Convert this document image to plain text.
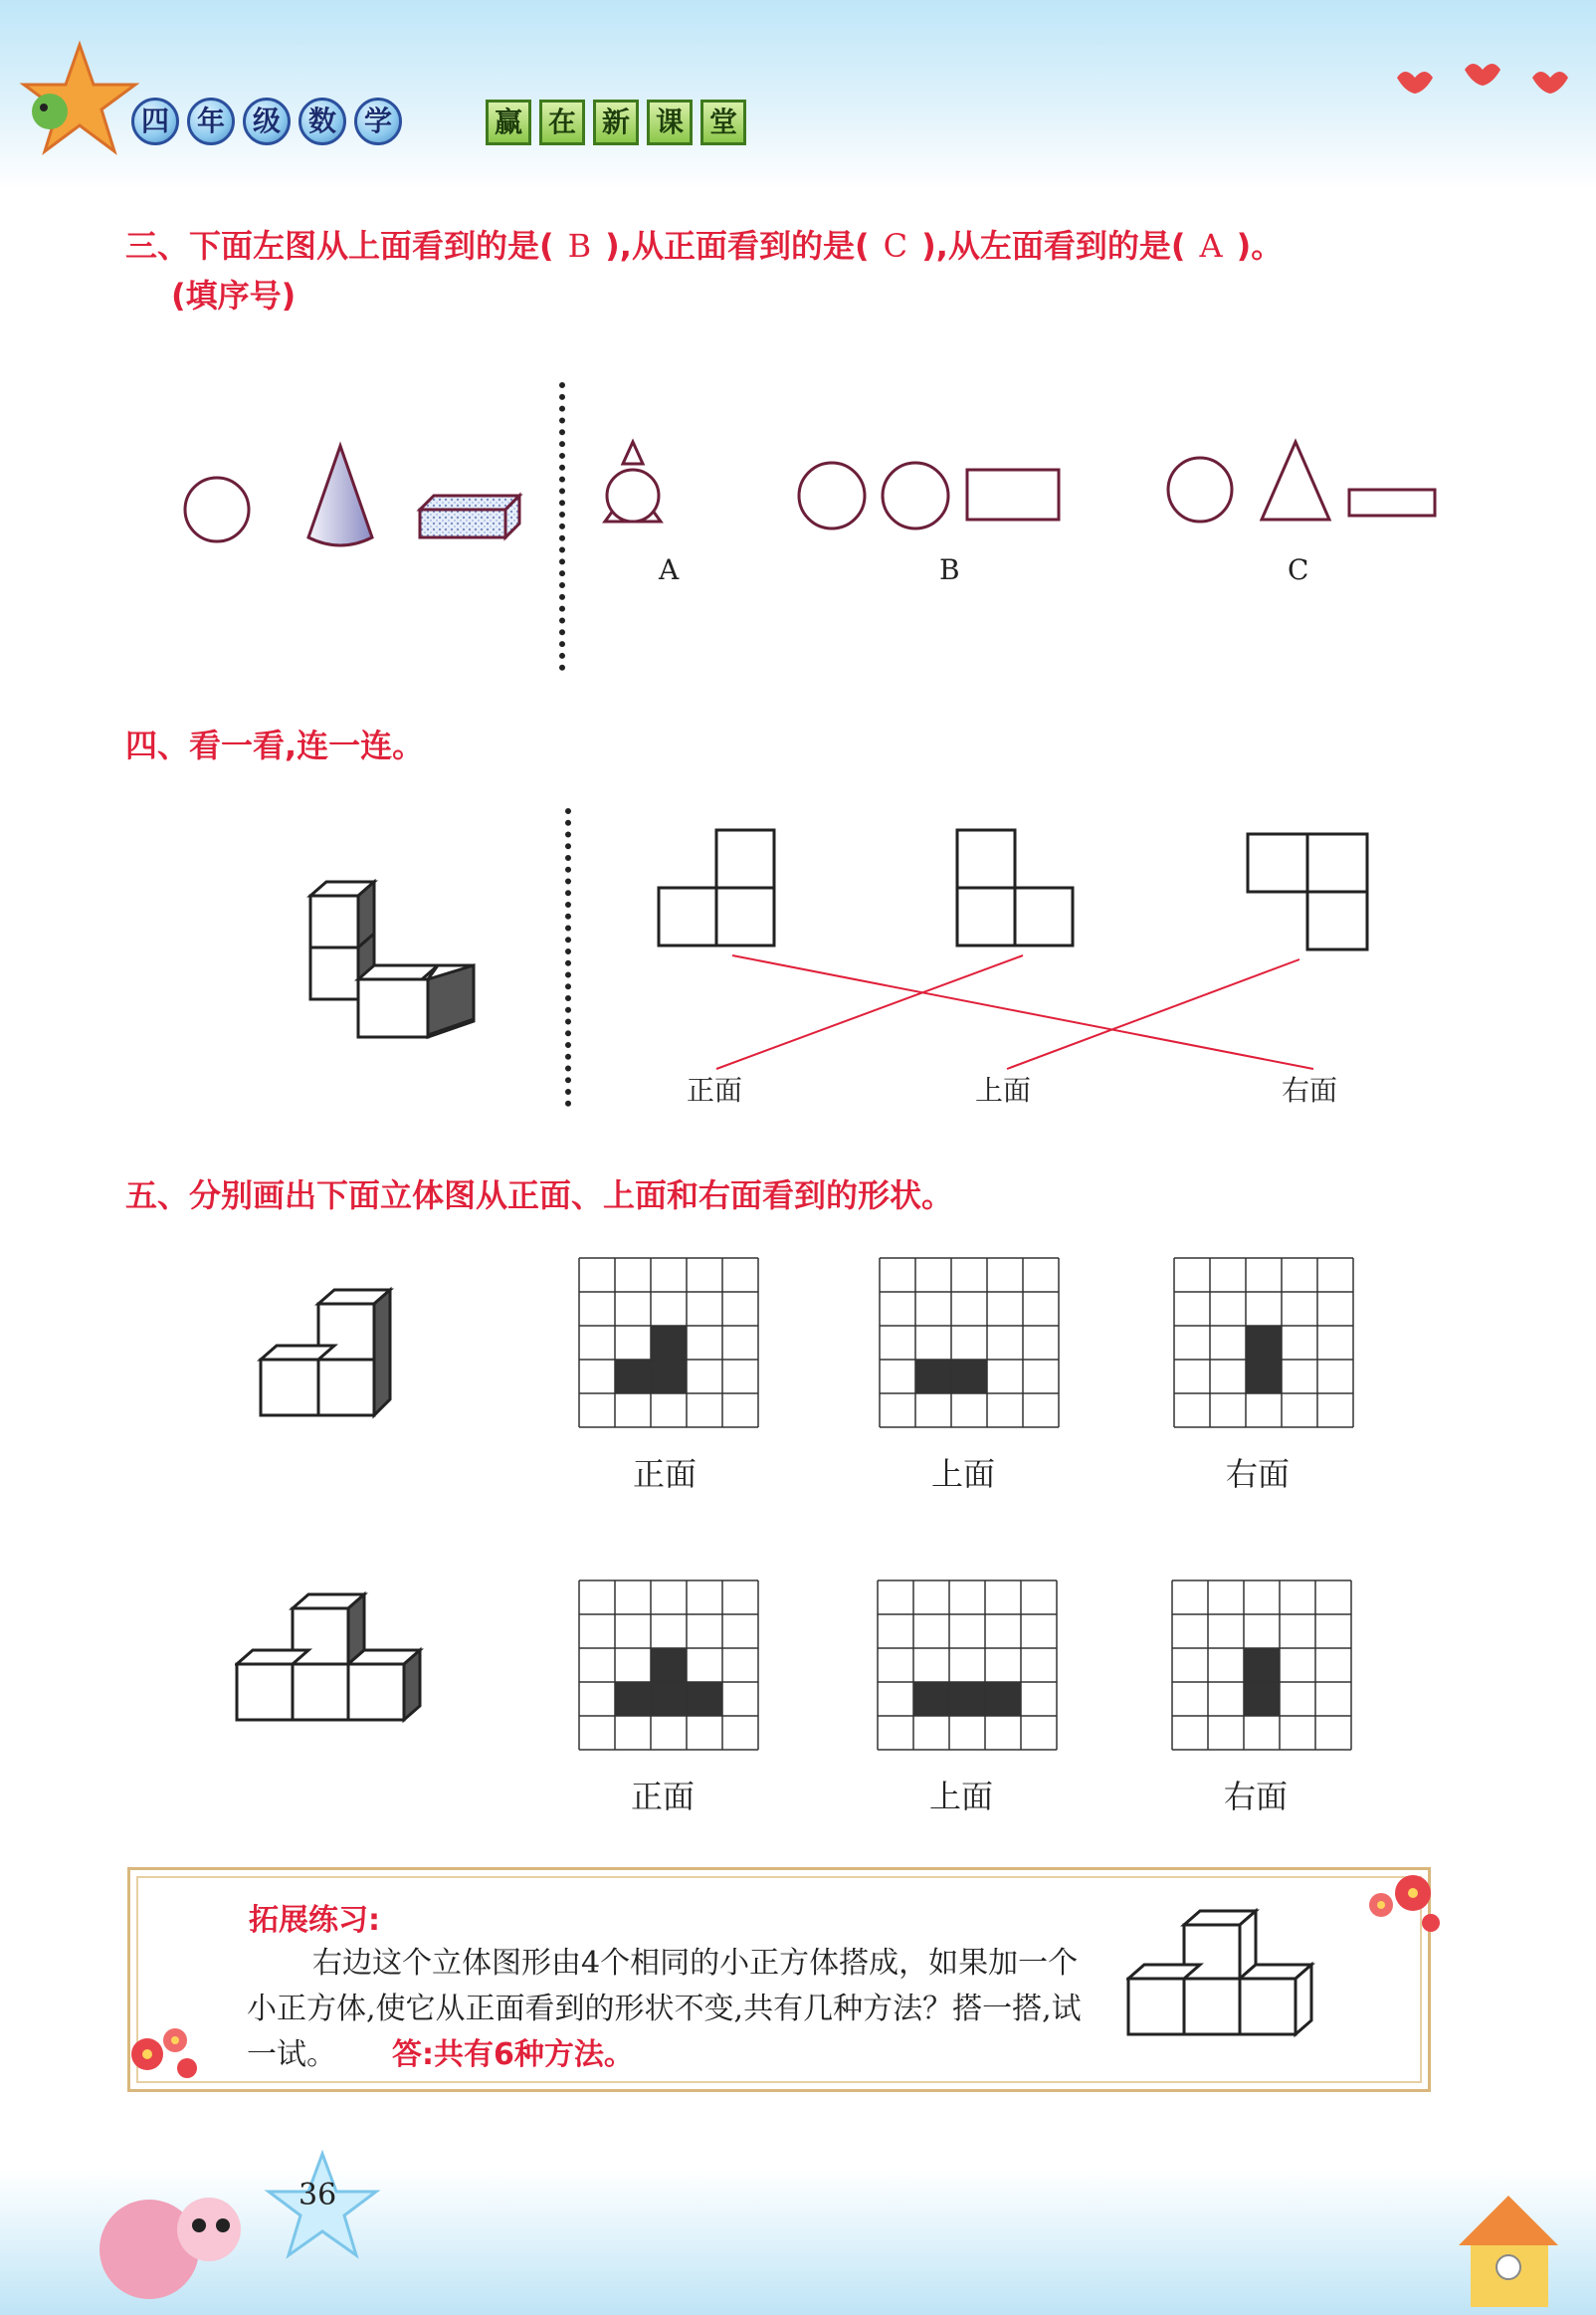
四 年 级 数 学	赢 在 新 课 堂
三、下面左图从上面看到的是( B ),从正面看到的是( C ),从左面看到的是( A )。
(填序号)
A	B	C
四、看一看,连一连。
正面	上面	右面
五、分别画出下面立体图从正面、上面和右面看到的形状。
正面	上面	右面
正面	上面	右面
拓展练习:
右边这个立体图形由4个相同的小正方体搭成，如果加一个小正方体,使它从正面看到的形状不变,共有几种方法？搭一搭,试一试。 答:共有6种方法。
36
